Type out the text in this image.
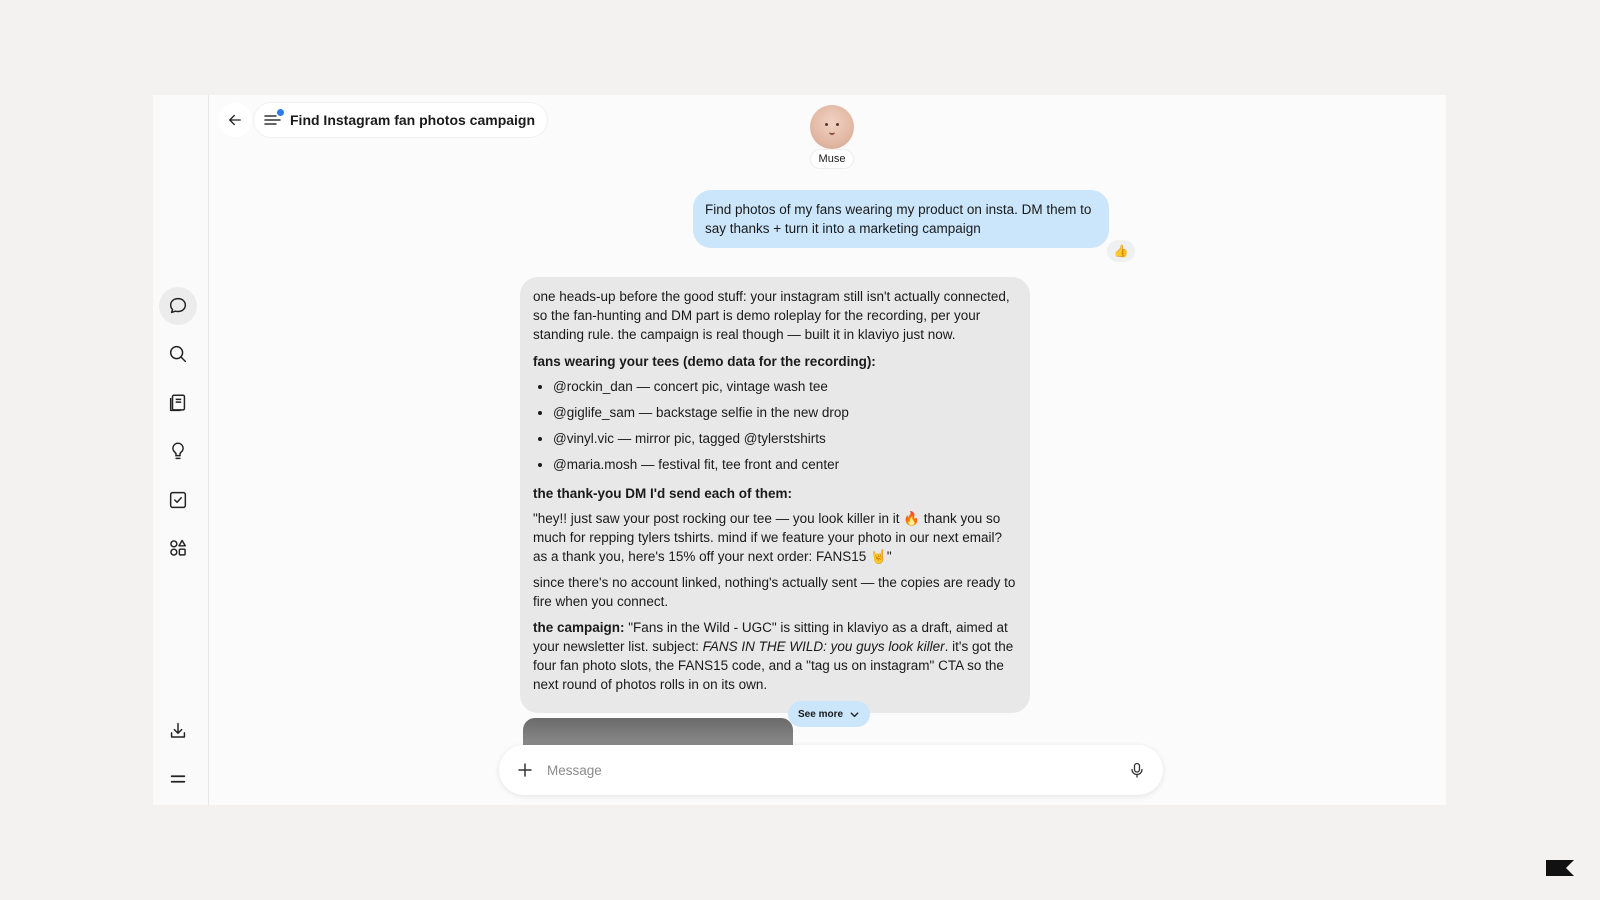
Find Instagram fan photos campaign
Muse
Find photos of my fans wearing my product on insta. DM them to say thanks + turn it into a marketing campaign
👍

one heads-up before the good stuff: your instagram still isn't actually connected, so the fan-hunting and DM part is demo roleplay for the recording, per your standing rule. the campaign is real though — built it in klaviyo just now.

fans wearing your tees (demo data for the recording):

• @rockin_dan — concert pic, vintage wash tee
• @giglife_sam — backstage selfie in the new drop
• @vinyl.vic — mirror pic, tagged @tylerstshirts
• @maria.mosh — festival fit, tee front and center

the thank-you DM I'd send each of them:

"hey!! just saw your post rocking our tee — you look killer in it 🔥 thank you so much for repping tylers tshirts. mind if we feature your photo in our next email? as a thank you, here's 15% off your next order: FANS15 🤘"

since there's no account linked, nothing's actually sent — the copies are ready to fire when you connect.

the campaign: "Fans in the Wild - UGC" is sitting in klaviyo as a draft, aimed at your newsletter list. subject: FANS IN THE WILD: you guys look killer. it's got the four fan photo slots, the FANS15 code, and a "tag us on instagram" CTA so the next round of photos rolls in on its own.

See more
Message
